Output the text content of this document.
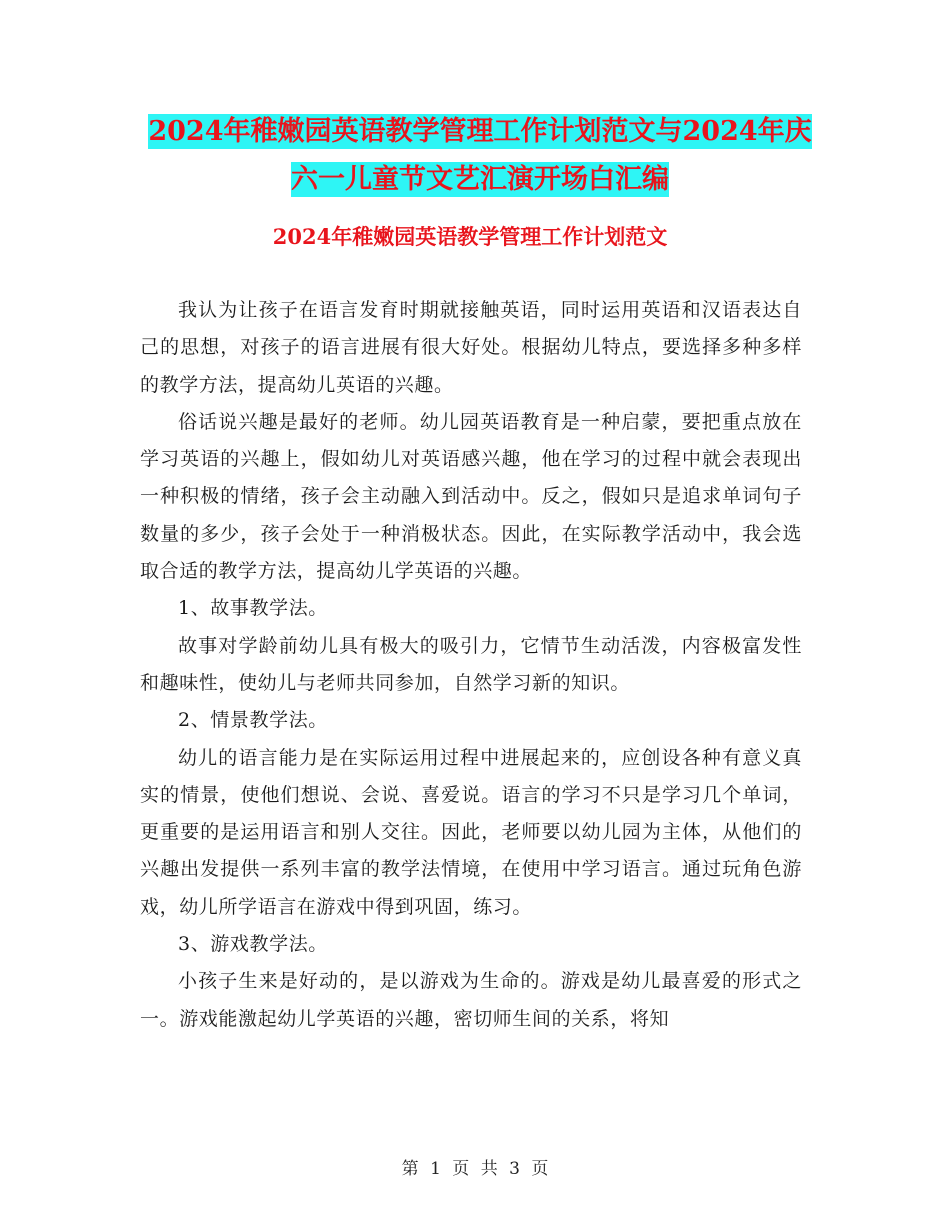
2024年稚嫩园英语教学管理工作计划范文与2024年庆
六一儿童节文艺汇演开场白汇编
2024年稚嫩园英语教学管理工作计划范文

我认为让孩子在语言发育时期就接触英语，同时运用英语和汉语表达自己的思想，对孩子的语言进展有很大好处。根据幼儿特点，要选择多种多样的教学方法，提高幼儿英语的兴趣。

俗话说兴趣是最好的老师。幼儿园英语教育是一种启蒙，要把重点放在学习英语的兴趣上，假如幼儿对英语感兴趣，他在学习的过程中就会表现出一种积极的情绪，孩子会主动融入到活动中。反之，假如只是追求单词句子数量的多少，孩子会处于一种消极状态。因此，在实际教学活动中，我会选取合适的教学方法，提高幼儿学英语的兴趣。

1、故事教学法。

故事对学龄前幼儿具有极大的吸引力，它情节生动活泼，内容极富发性和趣味性，使幼儿与老师共同参加，自然学习新的知识。

2、情景教学法。

幼儿的语言能力是在实际运用过程中进展起来的，应创设各种有意义真实的情景，使他们想说、会说、喜爱说。语言的学习不只是学习几个单词，更重要的是运用语言和别人交往。因此，老师要以幼儿园为主体，从他们的兴趣出发提供一系列丰富的教学法情境，在使用中学习语言。通过玩角色游戏，幼儿所学语言在游戏中得到巩固，练习。

3、游戏教学法。

小孩子生来是好动的，是以游戏为生命的。游戏是幼儿最喜爱的形式之一。游戏能激起幼儿学英语的兴趣，密切师生间的关系，将知

第 1 页 共 3 页
